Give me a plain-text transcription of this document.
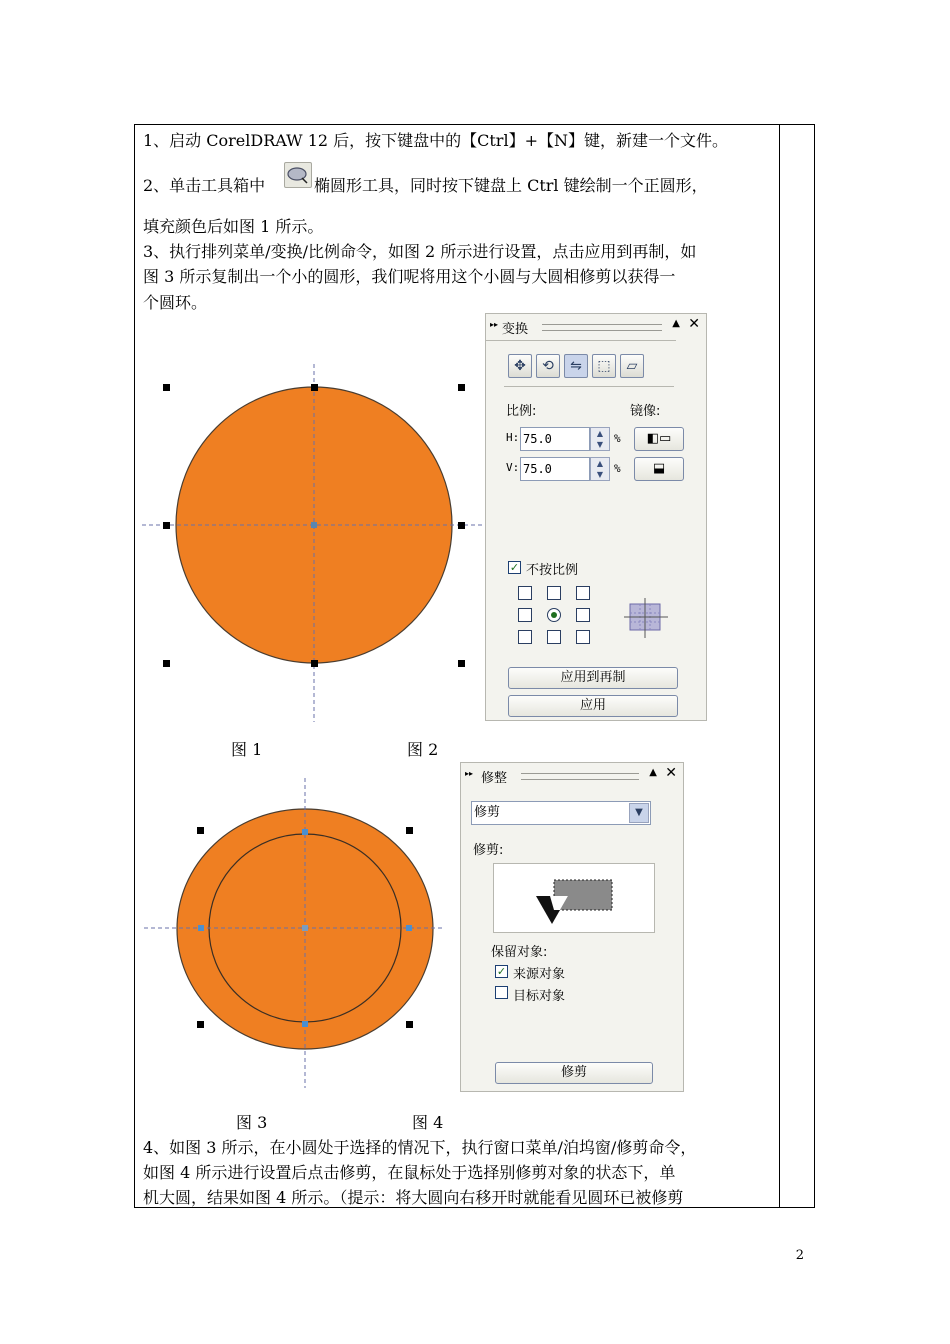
1、启动 CorelDRAW 12 后，按下键盘中的【Ctrl】+【N】键，新建一个文件。
2、单击工具箱中	椭圆形工具，同时按下键盘上 Ctrl 键绘制一个正圆形，
填充颜色后如图 1 所示。
3、执行排列菜单/变换/比例命令，如图 2 所示进行设置，点击应用到再制，如
图 3 所示复制出一个小的圆形，我们呢将用这个小圆与大圆相修剪以获得一
个圆环。
▸▸ 变换	▲ ✕
✥	⟲	⇋	⬚	▱
比例:	镜像:
H: 75.0	▲
▼ %
V: 75.0	▲
▼ %
◧▭
⬓
✓ 不按比例
应用到再制
应用
图 1	图 2
▸▸ 修整	▲ ✕
修剪	▼
修剪:
保留对象:
✓ 来源对象
目标对象
修剪
图 3	图 4
4、如图 3 所示，在小圆处于选择的情况下，执行窗口菜单/泊坞窗/修剪命令，
如图 4 所示进行设置后点击修剪，在鼠标处于选择别修剪对象的状态下，单
机大圆，结果如图 4 所示。（提示：将大圆向右移开时就能看见圆环已被修剪
2
